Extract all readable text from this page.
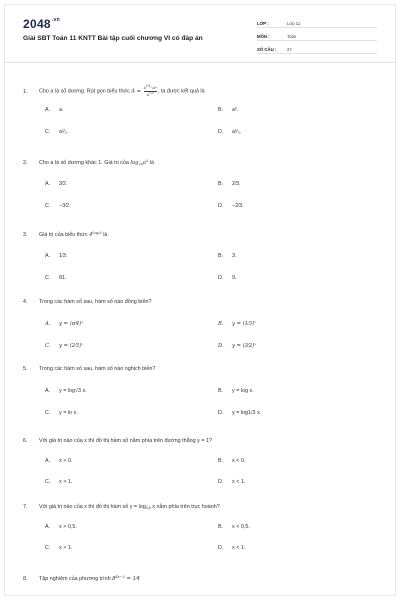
$2048^{.vn}$
Giải SBT Toán 11 KNTT Bài tập cuối chương VI có đáp án
LỚP :	Lớp 11
MÔN :	Toán
SỐ CÂU :	27
1. Cho a là số dương. Rút gọn biểu thức $A = \frac{\text{a√3·√a²}}{a√3}$, ta được kết quả là
A. a.	B. a².
C. a¹⁄₂.	D. a¹⁄₃.
2. Cho a là số dương khác 1. Giá trị của $\log_{√a}a^3$ là
A. 3⁄2.	B. 2⁄3.
C. −3⁄2.	D. −2⁄3.
3. Giá trị của biểu thức $4^{log_23}$ là
A. 1⁄3.	B. 3.
C. 81.	D. 9.
4. Trong các hàm số sau, hàm số nào đồng biến?
A. y = (π⁄4)ˣ	B. y = (1⁄3)ˣ
C. y = (2⁄3)ˣ	D. y = (3⁄2)ˣ
5. Trong các hàm số sau, hàm số nào nghịch biến?
A. y = log√3 x.	B. y = log x.
C. y = ln x.	D. y = log1/3 x.
6. Với giá trị nào của x thì đồ thị hàm số nằm phía trên đường thẳng y = 1?
A. x > 0.	B. x < 0.
C. x > 1.	D. x < 1.
7. Với giá trị nào của x thì đồ thị hàm số $y = \log_{0,5} x$ nằm phía trên trục hoành?
A. x > 0,5.	B. x < 0,5.
C. x > 1.	D. x < 1.
8. Tập nghiệm của phương trình $8^{4x-2}$ = 1⁄4
